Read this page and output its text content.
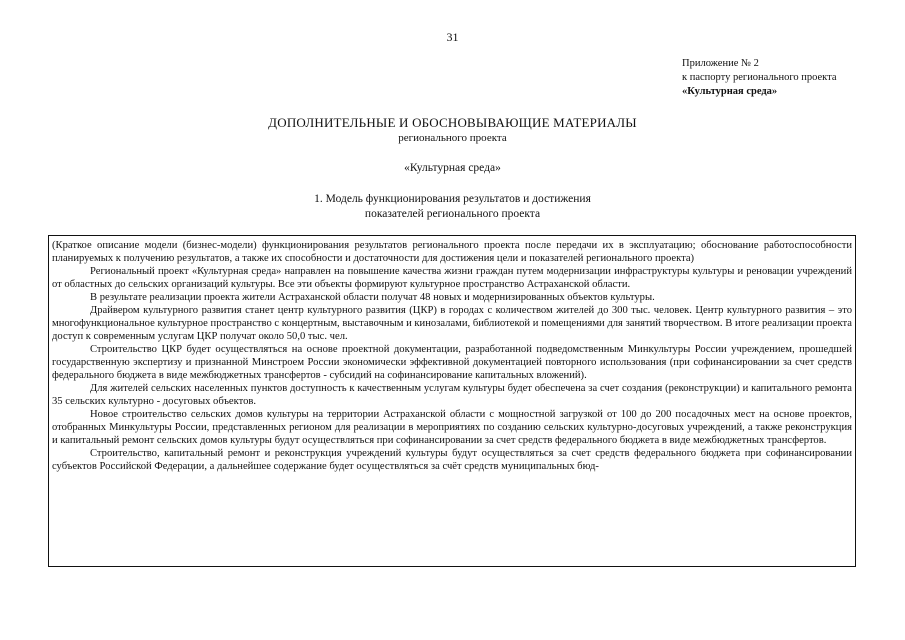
31
Приложение № 2
к паспорту регионального проекта
«Культурная среда»
ДОПОЛНИТЕЛЬНЫЕ И ОБОСНОВЫВАЮЩИЕ МАТЕРИАЛЫ
регионального проекта
«Культурная среда»
1. Модель функционирования результатов и достижения
показателей регионального проекта

(Краткое описание модели (бизнес-модели) функционирования результатов регионального проекта после передачи их в эксплуатацию; обоснование работоспособности планируемых к получению результатов, а также их способности и достаточности для достижения цели и показателей регионального проекта)

Региональный проект «Культурная среда» направлен на повышение качества жизни граждан путем модернизации инфраструктуры культуры и реновации учреждений от областных до сельских организаций культуры. Все эти объекты формируют культурное пространство Астраханской области.

В результате реализации проекта жители Астраханской области получат 48 новых и модернизированных объектов культуры.

Драйвером культурного развития станет центр культурного развития (ЦКР) в городах с количеством жителей до 300 тыс. человек. Центр культурного развития – это многофункциональное культурное пространство с концертным, выставочным и кинозалами, библиотекой и помещениями для занятий творчеством. В итоге реализации проекта доступ к современным услугам ЦКР получат около 50,0 тыс. чел.

Строительство ЦКР будет осуществляться на основе проектной документации, разработанной подведомственным Минкультуры России учреждением, прошедшей государственную экспертизу и признанной Минстроем России экономически эффективной документацией повторного использования (при софинансировании за счет средств федерального бюджета в виде межбюджетных трансфертов - субсидий на софинансирование капитальных вложений).

Для жителей сельских населенных пунктов доступность к качественным услугам культуры будет обеспечена за счет создания (реконструкции) и капитального ремонта 35 сельских культурно - досуговых объектов.

Новое строительство сельских домов культуры на территории Астраханской области с мощностной загрузкой от 100 до 200 посадочных мест на основе проектов, отобранных Минкультуры России, представленных регионом для реализации в мероприятиях по созданию сельских культурно-досуговых учреждений, а также реконструкция и капитальный ремонт сельских домов культуры будут осуществляться при софинансировании за счет средств федерального бюджета в виде межбюджетных трансфертов.

Строительство, капитальный ремонт и реконструкция учреждений культуры будут осуществляться за счет средств федерального бюджета при софинансировании субъектов Российской Федерации, а дальнейшее содержание будет осуществляться за счёт средств муниципальных бюд-
